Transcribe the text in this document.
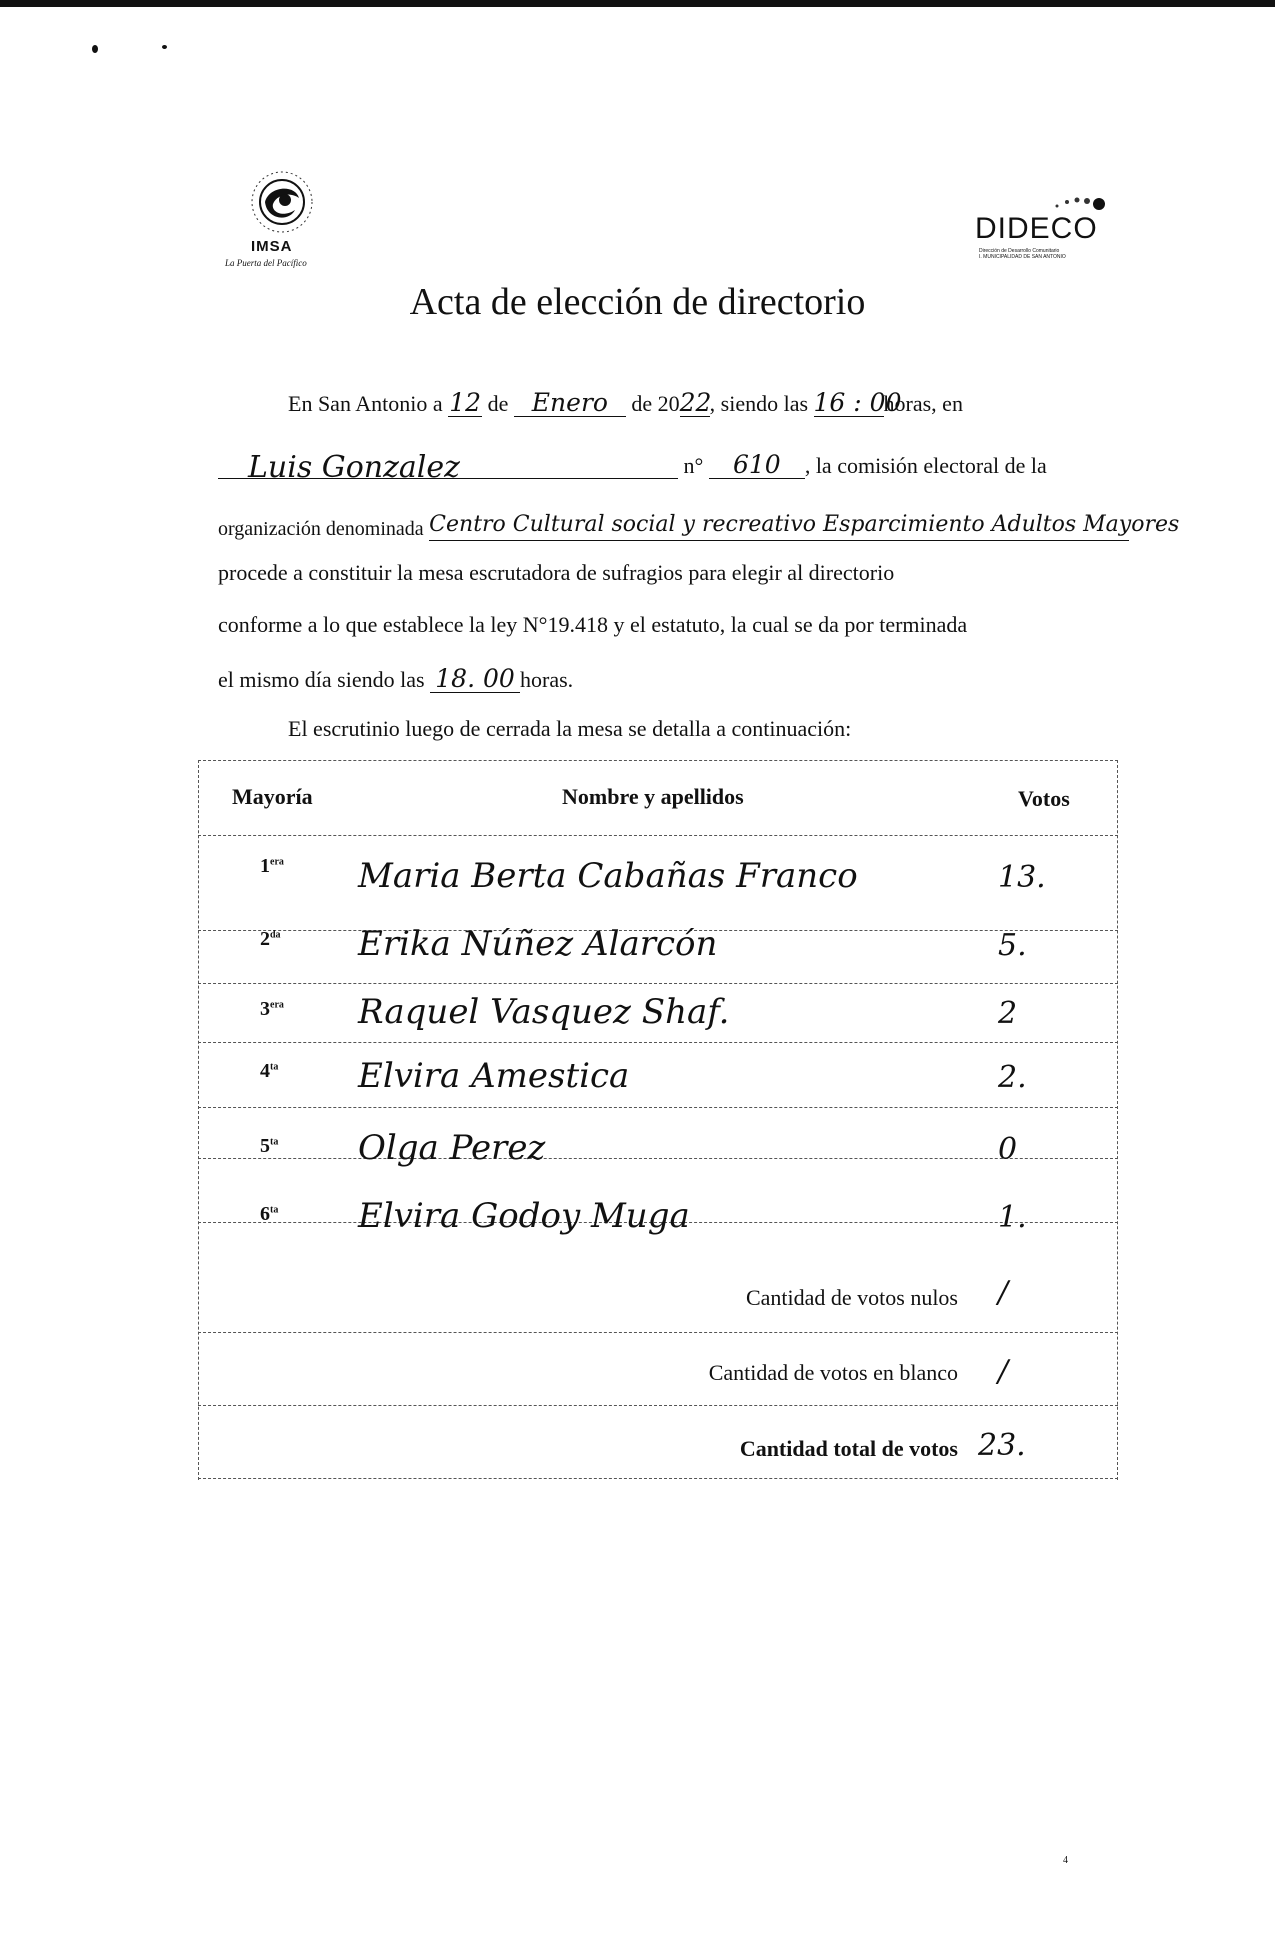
IMSA
La Puerta del Pacífico
DIDECO
Dirección de Desarrollo Comunitario
I. MUNICIPALIDAD DE SAN ANTONIO
Acta de elección de directorio
En San Antonio a 12 de Enero de 2022, siendo las 16 : 00horas, en
Luis Gonzalez	n° 610 , la comisión electoral de la
organización denominada Centro Cultural social y recreativo Esparcimiento Adultos Mayores
procede a constituir la mesa escrutadora de sufragios para elegir al directorio
conforme a lo que establece la ley N°19.418 y el estatuto, la cual se da por terminada
el mismo día siendo las 18. 00 horas.
El escrutinio luego de cerrada la mesa se detalla a continuación:
Mayoría	Nombre y apellidos	Votos
$1^{era}$ Maria Berta Cabañas Franco	13.
$2^{da}$ Erika Núñez Alarcón	5.
$3^{era}$ Raquel Vasquez Shaf.	2
$4^{ta}$ Elvira Amestica	2.
$5^{ta}$ Olga Perez	0
$6^{ta}$ Elvira Godoy Muga	1.
Cantidad de votos nulos /
Cantidad de votos en blanco /
Cantidad total de votos 23.
4
